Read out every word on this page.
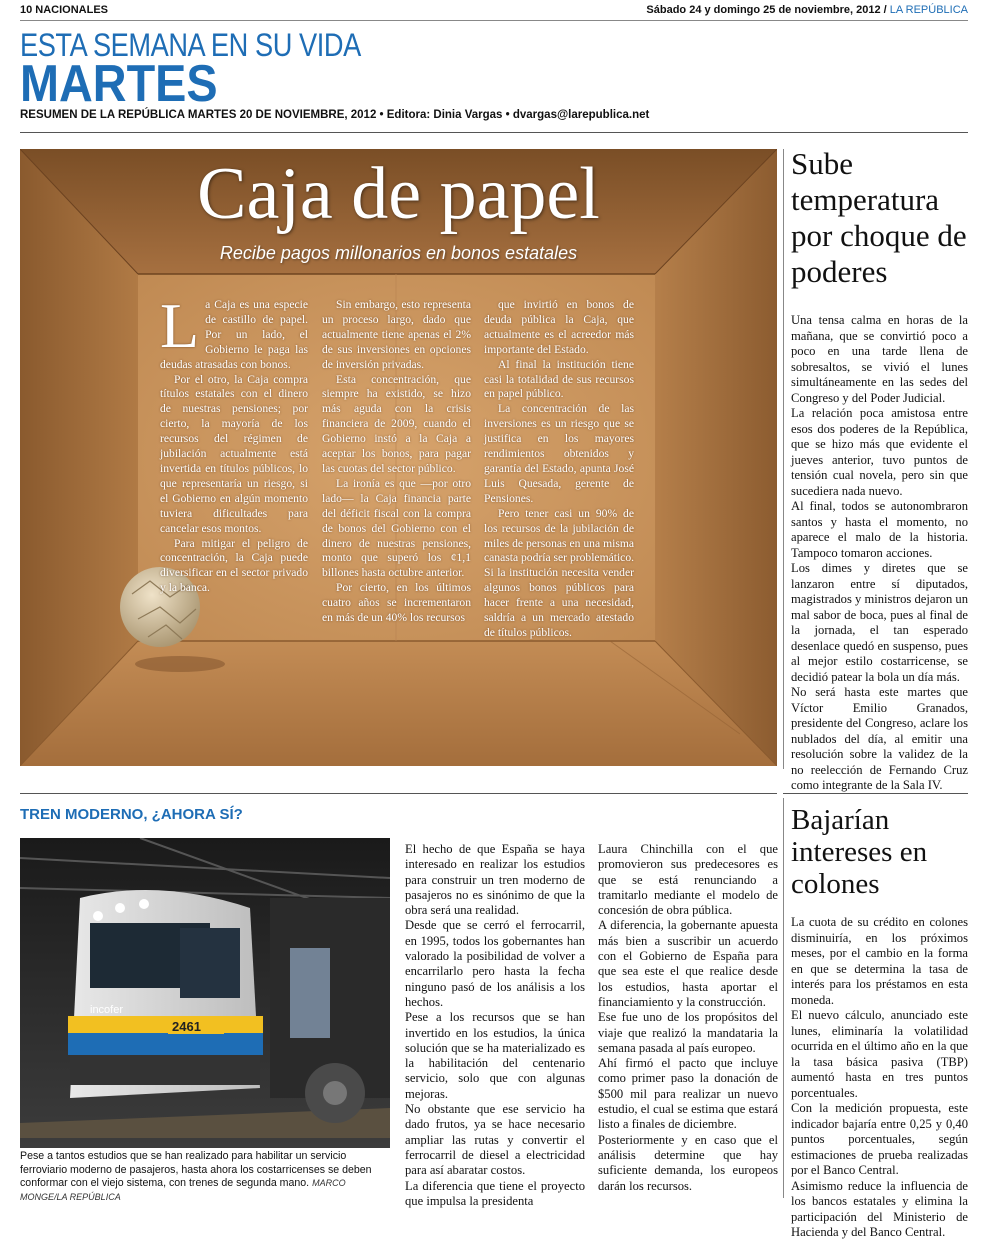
10 NACIONALES	Sábado 24 y domingo 25 de noviembre, 2012 / LA REPÚBLICA
ESTA SEMANA EN SU VIDA
MARTES
RESUMEN DE LA REPÚBLICA MARTES 20 DE NOVIEMBRE, 2012 • Editora: Dinia Vargas • dvargas@larepublica.net
Caja de papel
Recibe pagos millonarios en bonos estatales
L a Caja es una especie de castillo de papel. Por un lado, el Gobierno le paga las deudas atrasadas con bonos.

Por el otro, la Caja compra títulos estatales con el dinero de nuestras pensiones; por cierto, la mayoría de los recursos del régimen de jubilación actualmente está invertida en títulos públicos, lo que representaría un riesgo, si el Gobierno en algún momento tuviera dificultades para cancelar esos montos.

Para mitigar el peligro de concentración, la Caja puede diversificar en el sector privado y la banca.

Sin embargo, esto representa un proceso largo, dado que actualmente tiene apenas el 2% de sus inversiones en opciones de inversión privadas.

Esta concentración, que siempre ha existido, se hizo más aguda con la crisis financiera de 2009, cuando el Gobierno instó a la Caja a aceptar los bonos, para pagar las cuotas del sector público.

La ironía es que —por otro lado— la Caja financia parte del déficit fiscal con la compra de bonos del Gobierno con el dinero de nuestras pensiones, monto que superó los ¢1,1 billones hasta octubre anterior.

Por cierto, en los últimos cuatro años se incrementaron en más de un 40% los recursos

que invirtió en bonos de deuda pública la Caja, que actualmente es el acreedor más importante del Estado.

Al final la institución tiene casi la totalidad de sus recursos en papel público.

La concentración de las inversiones es un riesgo que se justifica en los mayores rendimientos obtenidos y garantía del Estado, apunta José Luis Quesada, gerente de Pensiones.

Pero tener casi un 90% de los recursos de la jubilación de miles de personas en una misma canasta podría ser problemático. Si la institución necesita vender algunos bonos públicos para hacer frente a una necesidad, saldría a un mercado atestado de títulos públicos.

Sube temperatura por choque de poderes

Una tensa calma en horas de la mañana, que se convirtió poco a poco en una tarde llena de sobresaltos, se vivió el lunes simultáneamente en las sedes del Congreso y del Poder Judicial.

La relación poca amistosa entre esos dos poderes de la República, que se hizo más que evidente el jueves anterior, tuvo puntos de tensión cual novela, pero sin que sucediera nada nuevo.

Al final, todos se autonombraron santos y hasta el momento, no aparece el malo de la historia. Tampoco tomaron acciones.

Los dimes y diretes que se lanzaron entre sí diputados, magistrados y ministros dejaron un mal sabor de boca, pues al final de la jornada, el tan esperado desenlace quedó en suspenso, pues al mejor estilo costarricense, se decidió patear la bola un día más.

No será hasta este martes que Víctor Emilio Granados, presidente del Congreso, aclare los nublados del día, al emitir una resolución sobre la validez de la no reelección de Fernando Cruz como integrante de la Sala IV.

TREN MODERNO, ¿AHORA SÍ?
2461
incofer
Pese a tantos estudios que se han realizado para habilitar un servicio ferroviario moderno de pasajeros, hasta ahora los costarricenses se deben conformar con el viejo sistema, con trenes de segunda mano. MARCO MONGE/LA REPÚBLICA

El hecho de que España se haya interesado en realizar los estudios para construir un tren moderno de pasajeros no es sinónimo de que la obra será una realidad.

Desde que se cerró el ferrocarril, en 1995, todos los gobernantes han valorado la posibilidad de volver a encarrilarlo pero hasta la fecha ninguno pasó de los análisis a los hechos.

Pese a los recursos que se han invertido en los estudios, la única solución que se ha materializado es la habilitación del centenario servicio, solo que con algunas mejoras.

No obstante que ese servicio ha dado frutos, ya se hace necesario ampliar las rutas y convertir el ferrocarril de diesel a electricidad para así abaratar costos.

La diferencia que tiene el proyecto que impulsa la presidenta

Laura Chinchilla con el que promovieron sus predecesores es que se está renunciando a tramitarlo mediante el modelo de concesión de obra pública.

A diferencia, la gobernante apuesta más bien a suscribir un acuerdo con el Gobierno de España para que sea este el que realice desde los estudios, hasta aportar el financiamiento y la construcción.

Ese fue uno de los propósitos del viaje que realizó la mandataria la semana pasada al país europeo.

Ahí firmó el pacto que incluye como primer paso la donación de $500 mil para realizar un nuevo estudio, el cual se estima que estará listo a finales de diciembre.

Posteriormente y en caso que el análisis determine que hay suficiente demanda, los europeos darán los recursos.

Bajarían intereses en colones

La cuota de su crédito en colones disminuiría, en los próximos meses, por el cambio en la forma en que se determina la tasa de interés para los préstamos en esta moneda.

El nuevo cálculo, anunciado este lunes, eliminaría la volatilidad ocurrida en el último año en la que la tasa básica pasiva (TBP) aumentó hasta en tres puntos porcentuales.

Con la medición propuesta, este indicador bajaría entre 0,25 y 0,40 puntos porcentuales, según estimaciones de prueba realizadas por el Banco Central.

Asimismo reduce la influencia de los bancos estatales y elimina la participación del Ministerio de Hacienda y del Banco Central.
